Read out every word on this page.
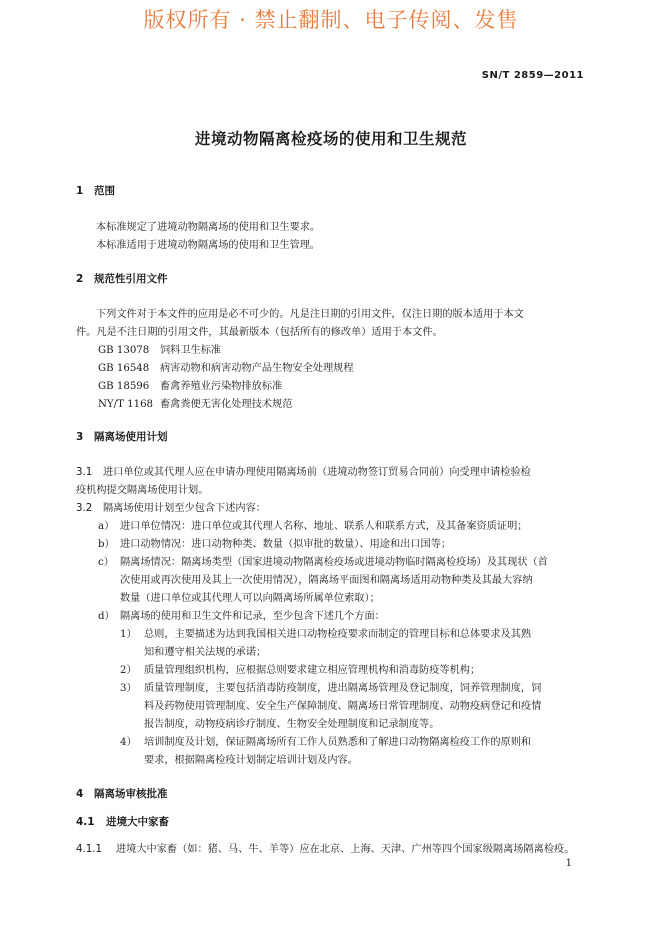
版权所有 · 禁止翻制、电子传阅、发售
SN/T 2859—2011
进境动物隔离检疫场的使用和卫生规范
1 范围
本标准规定了进境动物隔离场的使用和卫生要求。
本标准适用于进境动物隔离场的使用和卫生管理。
2 规范性引用文件
下列文件对于本文件的应用是必不可少的。凡是注日期的引用文件，仅注日期的版本适用于本文
件。凡是不注日期的引用文件，其最新版本（包括所有的修改单）适用于本文件。
GB 13078 饲料卫生标准
GB 16548 病害动物和病害动物产品生物安全处理规程
GB 18596 畜禽养殖业污染物排放标准
NY/T 1168 畜禽粪便无害化处理技术规范
3 隔离场使用计划
3.1 进口单位或其代理人应在申请办理使用隔离场前（进境动物签订贸易合同前）向受理申请检验检
疫机构提交隔离场使用计划。
3.2 隔离场使用计划至少包含下述内容：
a） 进口单位情况：进口单位或其代理人名称、地址、联系人和联系方式，及其备案资质证明；
b） 进口动物情况：进口动物种类、数量（拟审批的数量）、用途和出口国等；
c） 隔离场情况：隔离场类型（国家进境动物隔离检疫场或进境动物临时隔离检疫场）及其现状（首
次使用或再次使用及其上一次使用情况），隔离场平面图和隔离场适用动物种类及其最大容纳
数量（进口单位或其代理人可以向隔离场所属单位索取）；
d） 隔离场的使用和卫生文件和记录，至少包含下述几个方面：
1） 总则，主要描述为达到我国相关进口动物检疫要求而制定的管理目标和总体要求及其熟
知和遵守相关法规的承诺；
2） 质量管理组织机构，应根据总则要求建立相应管理机构和消毒防疫等机构；
3） 质量管理制度，主要包括消毒防疫制度，进出隔离场管理及登记制度，饲养管理制度，饲
料及药物使用管理制度、安全生产保障制度、隔离场日常管理制度、动物疫病登记和疫情
报告制度，动物疫病诊疗制度、生物安全处理制度和记录制度等。
4） 培训制度及计划，保证隔离场所有工作人员熟悉和了解进口动物隔离检疫工作的原则和
要求，根据隔离检疫计划制定培训计划及内容。
4 隔离场审核批准
4.1 进境大中家畜
4.1.1 进境大中家畜（如：猪、马、牛、羊等）应在北京、上海、天津、广州等四个国家级隔离场隔离检疫。
1
